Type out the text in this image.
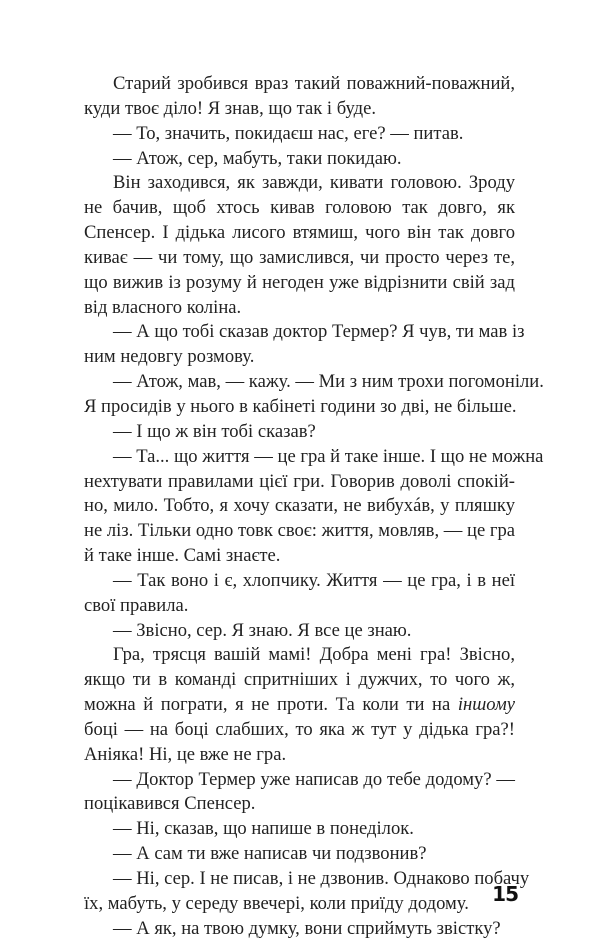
Старий зробився враз такий поважний-поважний,
куди твоє діло! Я знав, що так і буде.
— То, значить, покидаєш нас, еге? — питав.
— Атож, сер, мабуть, таки покидаю.
Він заходився, як завжди, кивати головою. Зроду
не бачив, щоб хтось кивав головою так довго, як
Спенсер. І дідька лисого втямиш, чого він так довго
киває — чи тому, що замислився, чи просто через те,
що вижив із розуму й негоден уже відрізнити свій зад
від власного коліна.
— А що тобі сказав доктор Термер? Я чув, ти мав із
ним недовгу розмову.
— Атож, мав, — кажу. — Ми з ним трохи погомоніли.
Я просидів у нього в кабінеті години зо дві, не більше.
— І що ж він тобі сказав?
— Та... що життя — це гра й таке інше. І що не можна
нехтувати правилами цієї гри. Говорив доволі спокій-
но, мило. Тобто, я хочу сказати, не вибухáв, у пляшку
не ліз. Тільки одно товк своє: життя, мовляв, — це гра
й таке інше. Самі знаєте.
— Так воно і є, хлопчику. Життя — це гра, і в неї
свої правила.
— Звісно, сер. Я знаю. Я все це знаю.
Гра, трясця вашій мамі! Добра мені гра! Звісно,
якщо ти в команді спритніших і дужчих, то чого ж,
можна й пограти, я не проти. Та коли ти на іншому
боці — на боці слабших, то яка ж тут у дідька гра?!
Аніяка! Ні, це вже не гра.
— Доктор Термер уже написав до тебе додому? —
поцікавився Спенсер.
— Ні, сказав, що напише в понеділок.
— А сам ти вже написав чи подзвонив?
— Ні, сер. І не писав, і не дзвонив. Однаково побачу
їх, мабуть, у середу ввечері, коли приїду додому.
— А як, на твою думку, вони сприймуть звістку?
15
